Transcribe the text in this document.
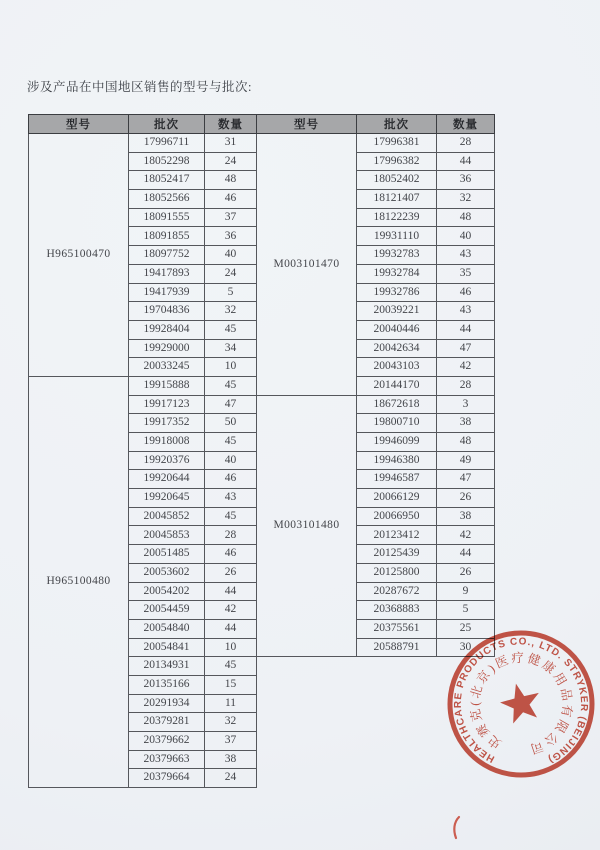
涉及产品在中国地区销售的型号与批次:
型号	批次	数量	型号	批次	数量
H965100470	17996711	31	M003101470	17996381	28
	18052298	24		17996382	44
	18052417	48		18052402	36
	18052566	46		18121407	32
	18091555	37		18122239	48
	18091855	36		19931110	40
	18097752	40		19932783	43
	19417893	24		19932784	35
	19417939	5		19932786	46
	19704836	32		20039221	43
	19928404	45		20040446	44
	19929000	34		20042634	47
	20033245	10		20043103	42
H965100480	19915888	45		20144170	28
	19917123	47	M003101480	18672618	3
	19917352	50		19800710	38
	19918008	45		19946099	48
	19920376	40		19946380	49
	19920644	46		19946587	47
	19920645	43		20066129	26
	20045852	45		20066950	38
	20045853	28		20123412	42
	20051485	46		20125439	44
	20053602	26		20125800	26
	20054202	44		20287672	9
	20054459	42		20368883	5
	20054840	44		20375561	25
	20054841	10		20588791	30
	20134931	45			
	20135166	15			
	20291934	11			
	20379281	32			
	20379662	37			
	20379663	38			
	20379664	24			
HEALTHCARE PRODUCTS CO., LTD. STRYKER (BEIJING)
史赛克(北京)医疗健康用品有限公司
